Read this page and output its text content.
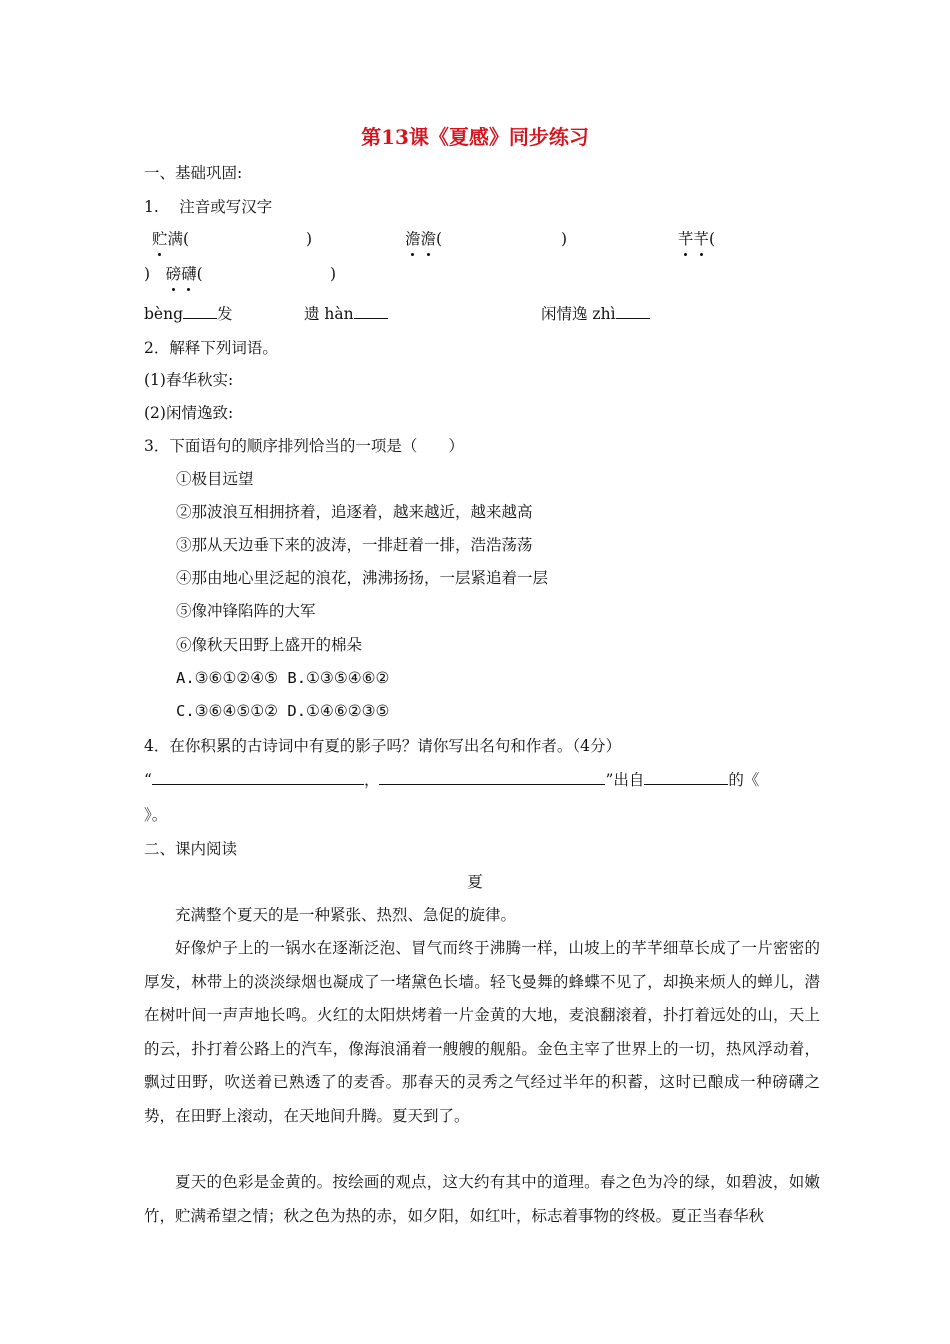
第13课《夏感》同步练习
一、基础巩固:
1.　 注音或写汉字
贮满(	)	澹澹(	)	芊芊(
)　 磅礴(	)
bèng 发	遗 hàn	闲情逸 zhì
2．解释下列词语。
(1)春华秋实:
(2)闲情逸致:
3．下面语句的顺序排列恰当的一项是（　　）
①极目远望
②那波浪互相拥挤着，追逐着，越来越近，越来越高
③那从天边垂下来的波涛，一排赶着一排，浩浩荡荡
④那由地心里泛起的浪花，沸沸扬扬，一层紧追着一层
⑤像冲锋陷阵的大军
⑥像秋天田野上盛开的棉朵
A.③⑥①②④⑤ B.①③⑤④⑥②
C.③⑥④⑤①② D.①④⑥②③⑤
4．在你积累的古诗词中有夏的影子吗？请你写出名句和作者。（4分）
“	，	”出自	的《
》。
二、课内阅读
夏
充满整个夏天的是一种紧张、热烈、急促的旋律。
好像炉子上的一锅水在逐渐泛泡、冒气而终于沸腾一样，山坡上的芊芊细草长成了一片密密的厚发，林带上的淡淡绿烟也凝成了一堵黛色长墙。轻飞曼舞的蜂蝶不见了，却换来烦人的蝉儿，潜在树叶间一声声地长鸣。火红的太阳烘烤着一片金黄的大地，麦浪翻滚着，扑打着远处的山，天上的云，扑打着公路上的汽车，像海浪涌着一艘艘的舰船。金色主宰了世界上的一切，热风浮动着，飘过田野，吹送着已熟透了的麦香。那春天的灵秀之气经过半年的积蓄，这时已酿成一种磅礴之势，在田野上滚动，在天地间升腾。夏天到了。
夏天的色彩是金黄的。按绘画的观点，这大约有其中的道理。春之色为冷的绿，如碧波，如嫩竹，贮满希望之情；秋之色为热的赤，如夕阳，如红叶，标志着事物的终极。夏正当春华秋
